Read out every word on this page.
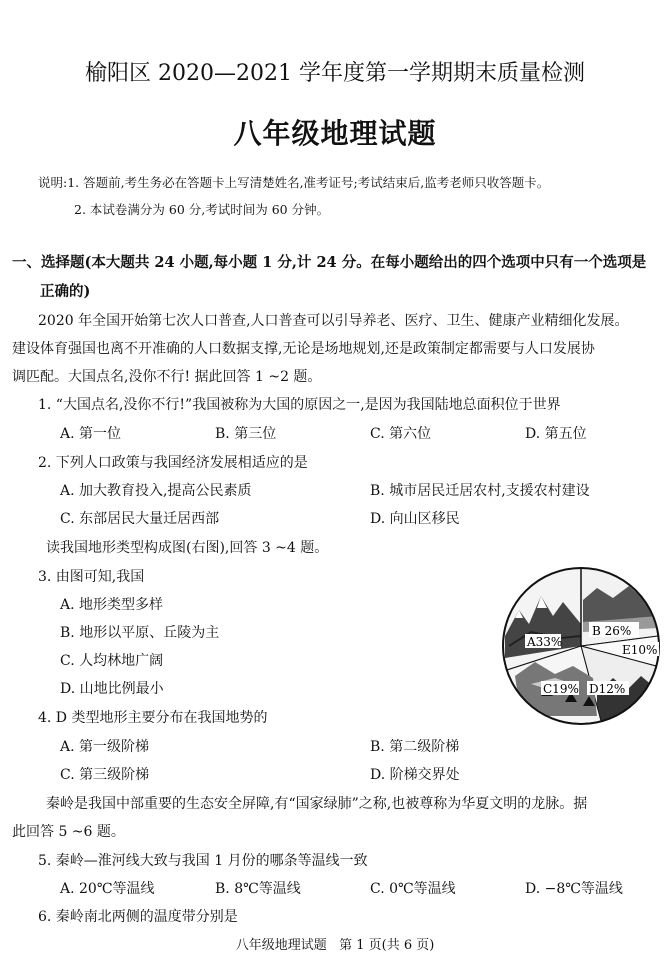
榆阳区 2020—2021 学年度第一学期期末质量检测
八年级地理试题
说明:1. 答题前,考生务必在答题卡上写清楚姓名,准考证号;考试结束后,监考老师只收答题卡。
2. 本试卷满分为 60 分,考试时间为 60 分钟。
一、选择题(本大题共 24 小题,每小题 1 分,计 24 分。在每小题给出的四个选项中只有一个选项是
正确的)
2020 年全国开始第七次人口普查,人口普查可以引导养老、医疗、卫生、健康产业精细化发展。
建设体育强国也离不开准确的人口数据支撑,无论是场地规划,还是政策制定都需要与人口发展协
调匹配。大国点名,没你不行! 据此回答 1 ~2 题。
1. “大国点名,没你不行!”我国被称为大国的原因之一,是因为我国陆地总面积位于世界
A. 第一位	B. 第三位	C. 第六位	D. 第五位
2. 下列人口政策与我国经济发展相适应的是
A. 加大教育投入,提高公民素质	B. 城市居民迁居农村,支援农村建设
C. 东部居民大量迁居西部	D. 向山区移民
读我国地形类型构成图(右图),回答 3 ~4 题。
3. 由图可知,我国
A. 地形类型多样
B. 地形以平原、丘陵为主
C. 人均林地广阔
D. 山地比例最小
A33%
B 26%
E10%
C19% D12%
4. D 类型地形主要分布在我国地势的
A. 第一级阶梯	B. 第二级阶梯
C. 第三级阶梯	D. 阶梯交界处
秦岭是我国中部重要的生态安全屏障,有“国家绿肺”之称,也被尊称为华夏文明的龙脉。据
此回答 5 ~6 题。
5. 秦岭—淮河线大致与我国 1 月份的哪条等温线一致
A. 20℃等温线	B. 8℃等温线	C. 0℃等温线	D. −8℃等温线
6. 秦岭南北两侧的温度带分别是
八年级地理试题   第 1 页(共 6 页)
